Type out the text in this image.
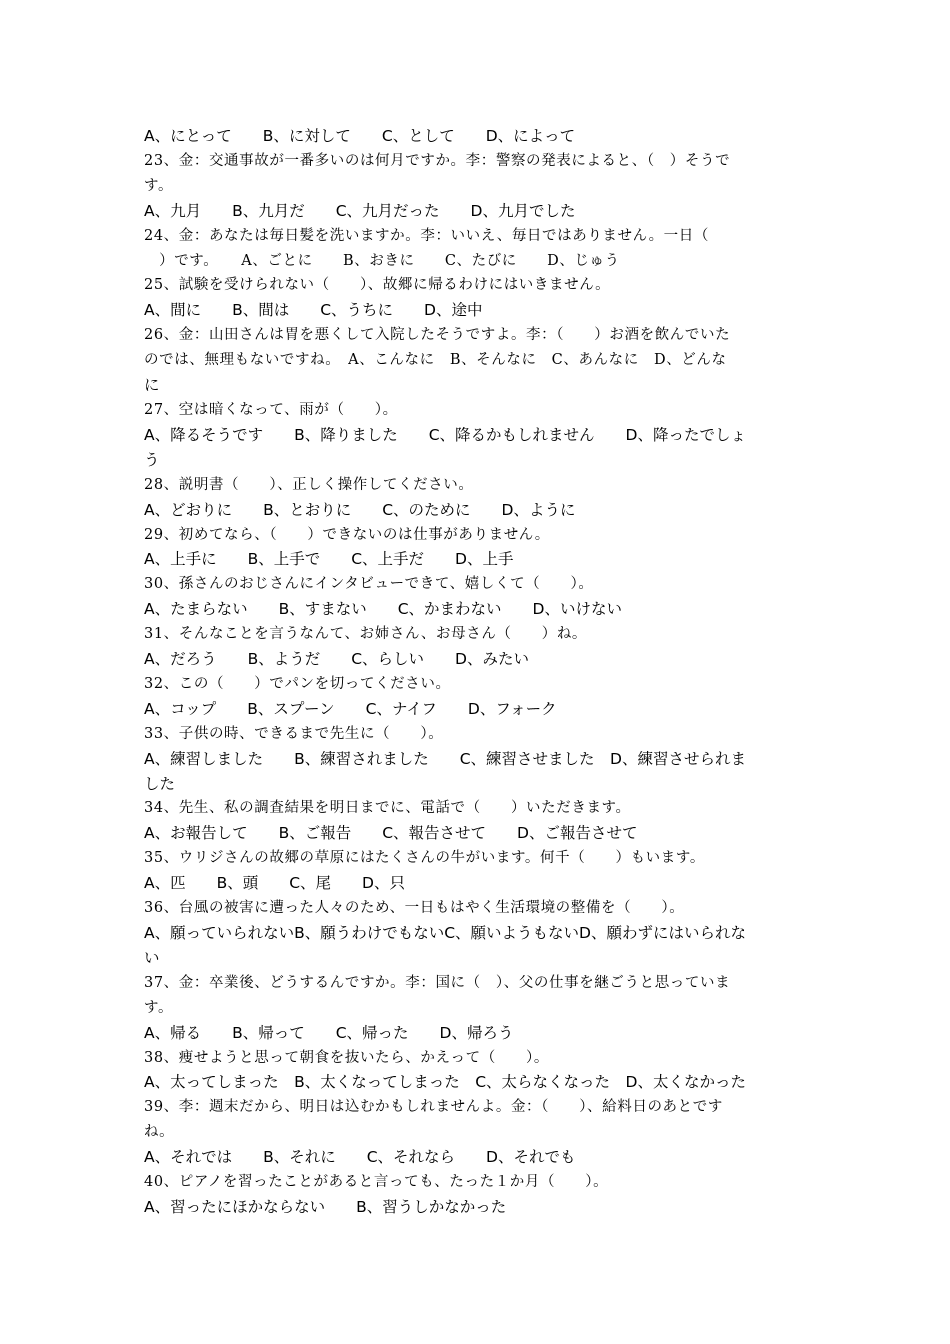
A、にとって　　B、に対して　　C、として　　D、によって
23、金：交通事故が一番多いのは何月ですか。李：警察の発表によると、（　）そうで
す。
A、九月　　B、九月だ　　C、九月だった　　D、九月でした
24、金：あなたは毎日髪を洗いますか。李：いいえ、毎日ではありません。一日（
　）です。　　A、ごとに　　B、おきに　　C、たびに　　D、じゅう
25、試験を受けられない（　　）、故郷に帰るわけにはいきません。
A、間に　　B、間は　　C、うちに　　D、途中
26、金：山田さんは胃を悪くして入院したそうですよ。李：（　　）お酒を飲んでいた
のでは、無理もないですね。　A、こんなに　B、そんなに　C、あんなに　D、どんな
に
27、空は暗くなって、雨が（　　）。
A、降るそうです　　B、降りました　　C、降るかもしれません　　D、降ったでしょ
う
28、説明書（　　）、正しく操作してください。
A、どおりに　　B、とおりに　　C、のために　　D、ように
29、初めてなら、（　　）できないのは仕事がありません。
A、上手に　　B、上手で　　C、上手だ　　D、上手
30、孫さんのおじさんにインタビューできて、嬉しくて（　　）。
A、たまらない　　B、すまない　　C、かまわない　　D、いけない
31、そんなことを言うなんて、お姉さん、お母さん（　　）ね。
A、だろう　　B、ようだ　　C、らしい　　D、みたい
32、この（　　）でパンを切ってください。
A、コップ　　B、スプーン　　C、ナイフ　　D、フォーク
33、子供の時、できるまで先生に（　　）。
A、練習しました　　B、練習されました　　C、練習させました　D、練習させられま
した
34、先生、私の調査結果を明日までに、電話で（　　）いただきます。
A、お報告して　　B、ご報告　　C、報告させて　　D、ご報告させて
35、ウリジさんの故郷の草原にはたくさんの牛がいます。何千（　　）もいます。
A、匹　　B、頭　　C、尾　　D、只
36、台風の被害に遭った人々のため、一日もはやく生活環境の整備を（　　）。
A、願っていられないB、願うわけでもないC、願いようもないD、願わずにはいられな
い
37、金：卒業後、どうするんですか。李：国に（　）、父の仕事を継ごうと思っていま
す。
A、帰る　　B、帰って　　C、帰った　　D、帰ろう
38、痩せようと思って朝食を抜いたら、かえって（　　）。
A、太ってしまった　B、太くなってしまった　C、太らなくなった　D、太くなかった
39、李：週末だから、明日は込むかもしれませんよ。金：（　　）、給料日のあとです
ね。
A、それでは　　B、それに　　C、それなら　　D、それでも
40、ピアノを習ったことがあると言っても、たった１か月（　　）。
A、習ったにほかならない　　B、習うしかなかった
